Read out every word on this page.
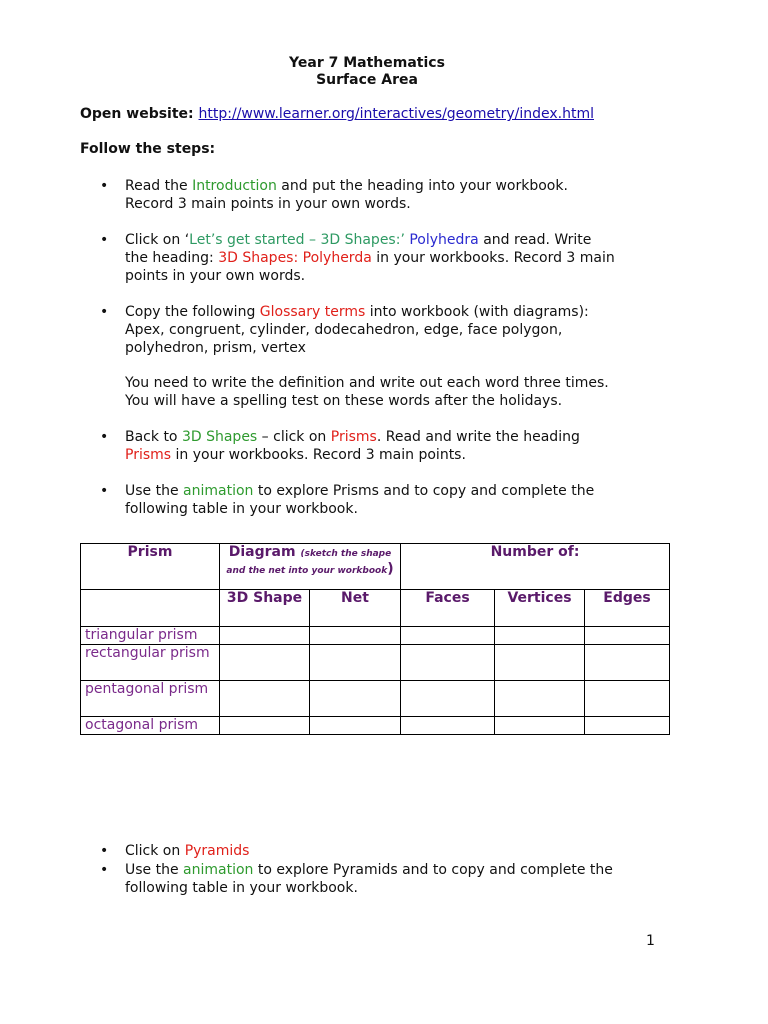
Year 7 Mathematics
Surface Area
Open website: http://www.learner.org/interactives/geometry/index.html
Follow the steps:
• Read the Introduction and put the heading into your workbook.
Record 3 main points in your own words.
• Click on ‘Let’s get started – 3D Shapes:’ Polyhedra and read. Write
the heading: 3D Shapes: Polyherda in your workbooks. Record 3 main
points in your own words.
• Copy the following Glossary terms into workbook (with diagrams):
Apex, congruent, cylinder, dodecahedron, edge, face polygon,
polyhedron, prism, vertex
You need to write the definition and write out each word three times.
You will have a spelling test on these words after the holidays.
• Back to 3D Shapes – click on Prisms. Read and write the heading
Prisms in your workbooks. Record 3 main points.
• Use the animation to explore Prisms and to copy and complete the
following table in your workbook.
Prism	Diagram (sketch the shape and the net into your workbook)		Number of:		
	3D Shape	Net	Faces	Vertices	Edges
triangular prism					
rectangular prism					
pentagonal prism					
octagonal prism					
• Click on Pyramids
• Use the animation to explore Pyramids and to copy and complete the
following table in your workbook.
1
